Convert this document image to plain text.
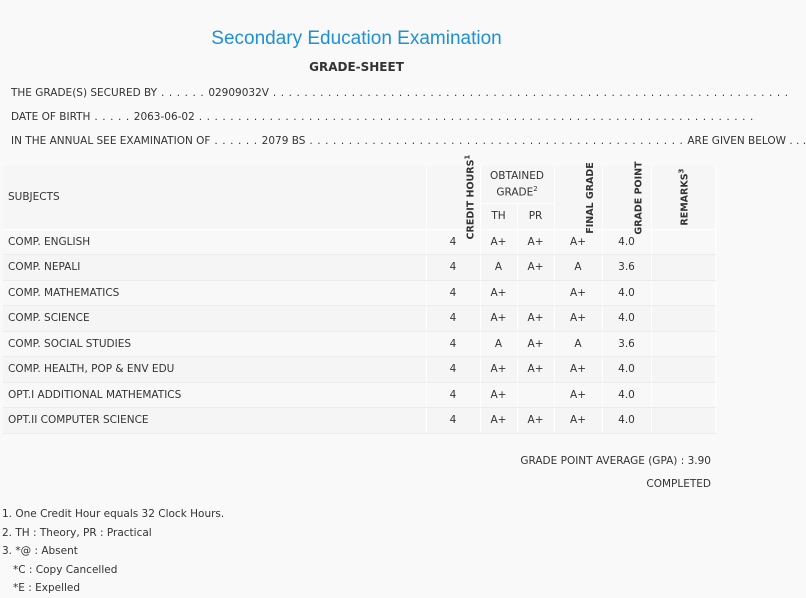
Secondary Education Examination
GRADE-SHEET
THE GRADE(S) SECURED BY . . . . . . 02909032V . . . . . . . . . . . . . . . . . . . . . . . . . . . . . . . . . . . . . . . . . . . . . . . . . . . . . . . . . . . . . . . . . .
DATE OF BIRTH . . . . . 2063-06-02 . . . . . . . . . . . . . . . . . . . . . . . . . . . . . . . . . . . . . . . . . . . . . . . . . . . . . . . . . . . . . . . . . . . . . . .
IN THE ANNUAL SEE EXAMINATION OF . . . . . . 2079 BS . . . . . . . . . . . . . . . . . . . . . . . . . . . . . . . . . . . . . . . . . . . . . . . . ARE GIVEN BELOW . . .
SUBJECTS	CREDIT HOURS$^1$	OBTAINED GRADE$^2$		FINAL GRADE	GRADE POINT	REMARKS$^3$
		TH	PR			
COMP. ENGLISH	4	A+	A+	A+	4.0	
COMP. NEPALI	4	A	A+	A	3.6	
COMP. MATHEMATICS	4	A+		A+	4.0	
COMP. SCIENCE	4	A+	A+	A+	4.0	
COMP. SOCIAL STUDIES	4	A	A+	A	3.6	
COMP. HEALTH, POP & ENV EDU	4	A+	A+	A+	4.0	
OPT.I ADDITIONAL MATHEMATICS	4	A+		A+	4.0	
OPT.II COMPUTER SCIENCE	4	A+	A+	A+	4.0	
GRADE POINT AVERAGE (GPA) : 3.90
COMPLETED
1. One Credit Hour equals 32 Clock Hours.
2. TH : Theory, PR : Practical
3. *@ : Absent
*C : Copy Cancelled
*E : Expelled
